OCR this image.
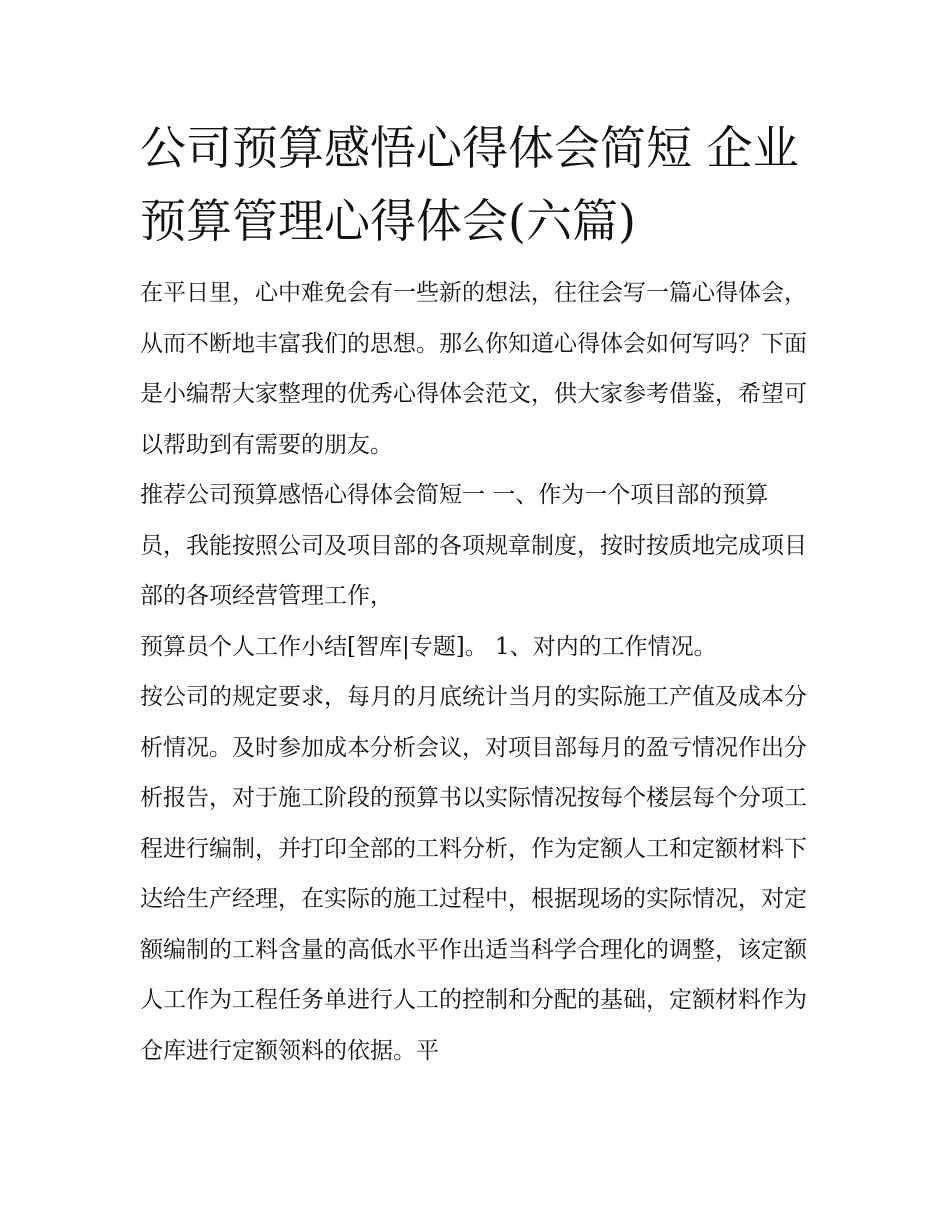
公司预算感悟心得体会简短 企业预算管理心得体会(六篇)

在平日里，心中难免会有一些新的想法，往往会写一篇心得体会，从而不断地丰富我们的思想。那么你知道心得体会如何写吗？下面是小编帮大家整理的优秀心得体会范文，供大家参考借鉴，希望可以帮助到有需要的朋友。

推荐公司预算感悟心得体会简短一 一、作为一个项目部的预算员，我能按照公司及项目部的各项规章制度，按时按质地完成项目部的各项经营管理工作，

预算员个人工作小结[智库|专题]。 1、对内的工作情况。

按公司的规定要求，每月的月底统计当月的实际施工产值及成本分析情况。及时参加成本分析会议，对项目部每月的盈亏情况作出分析报告，对于施工阶段的预算书以实际情况按每个楼层每个分项工程进行编制，并打印全部的工料分析，作为定额人工和定额材料下达给生产经理，在实际的施工过程中，根据现场的实际情况，对定额编制的工料含量的高低水平作出适当科学合理化的调整，该定额人工作为工程任务单进行人工的控制和分配的基础，定额材料作为仓库进行定额领料的依据。平
